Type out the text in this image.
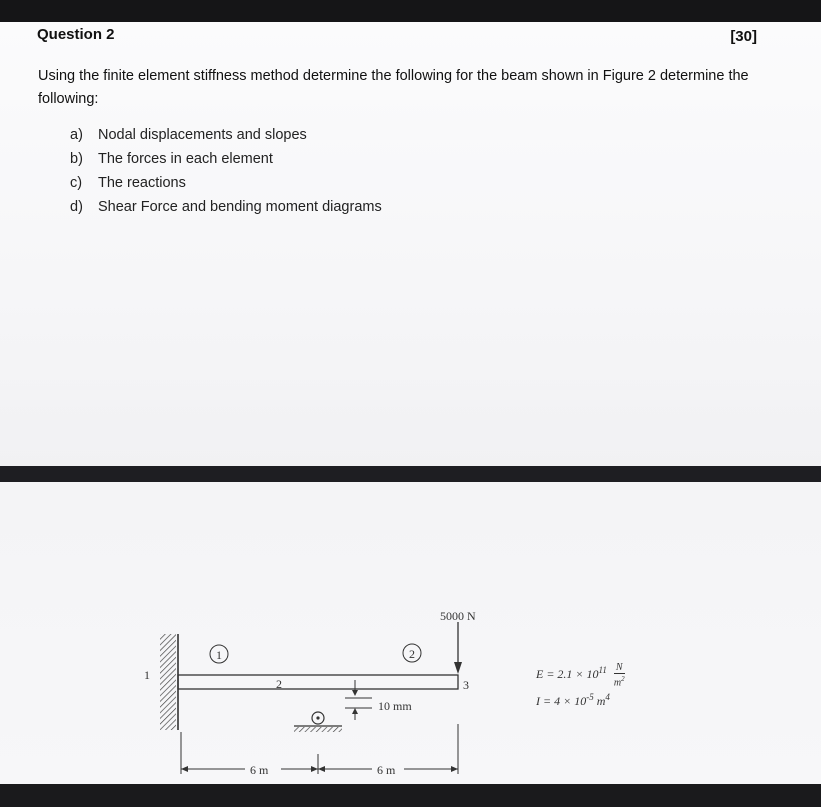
Question 2	[30]
Using the finite element stiffness method determine the following for the beam shown in Figure 2 determine the following:
a) Nodal displacements and slopes
b) The forces in each element
c) The reactions
d) Shear Force and bending moment diagrams
1
1	2
2	3
5000 N
10 mm
6 m	6 m
$E = 2.1 \times 10^{11} \frac{N}{m^2}$
$I = 4 \times 10^{-5}$ $m^4$
